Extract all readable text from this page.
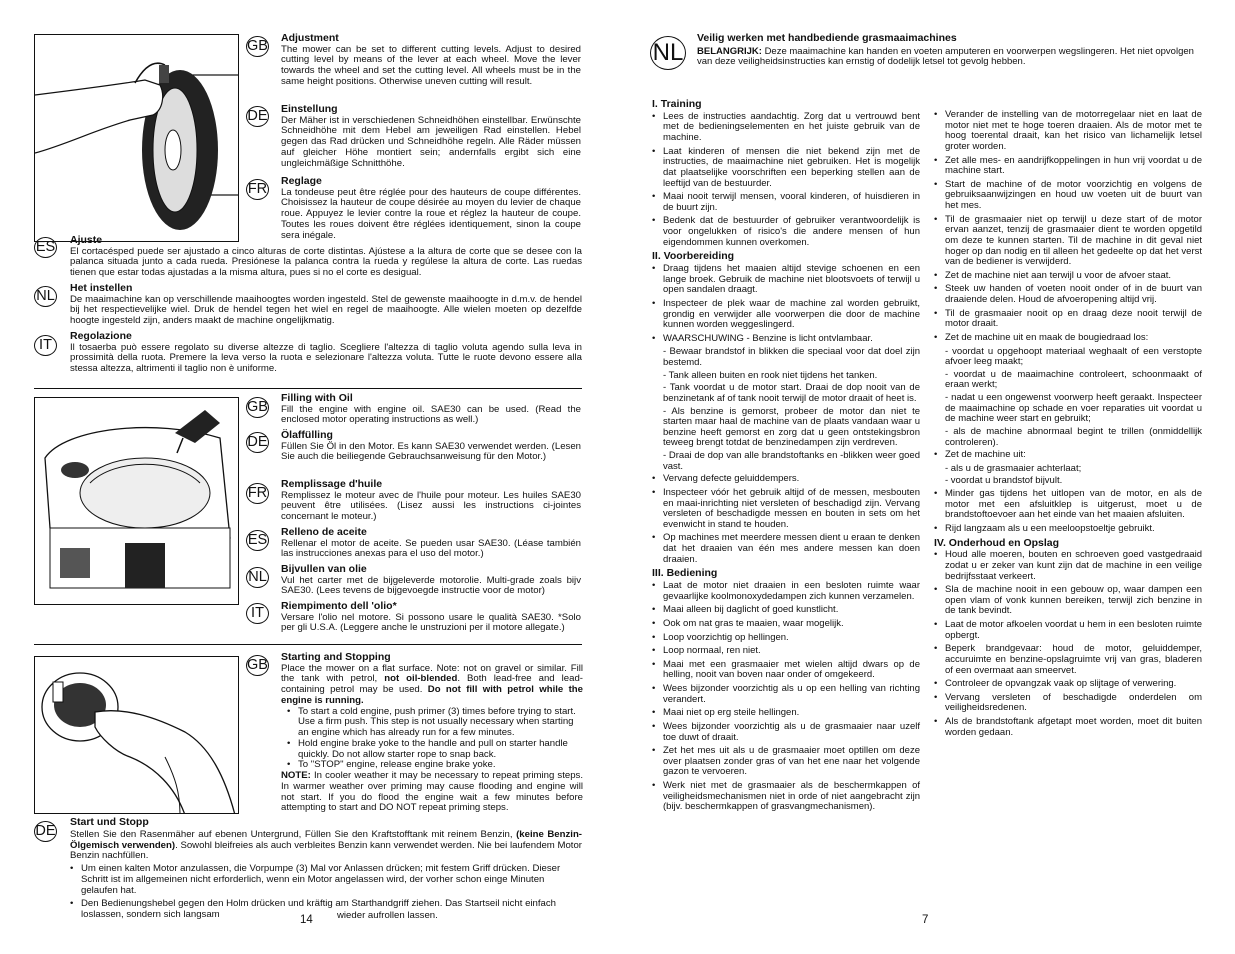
GB
Adjustment
The mower can be set to different cutting levels. Adjust to desired cutting level by means of the lever at each wheel. Move the lever towards the wheel and set the cutting level. All wheels must be in the same height positions. Otherwise uneven cutting will result.
DE Einstellung
Der Mäher ist in verschiedenen Schneidhöhen einstellbar. Erwünschte Schneidhöhe mit dem Hebel am jeweiligen Rad einstellen. Hebel gegen das Rad drücken und Schneidhöhe regeln. Alle Räder müssen auf gleicher Höhe montiert sein; andernfalls ergibt sich eine ungleichmäßige Schnitthöhe.
FR
Reglage
La tondeuse peut être réglée pour des hauteurs de coupe différentes. Choisissez la hauteur de coupe désirée au moyen du levier de chaque roue. Appuyez le levier contre la roue et réglez la hauteur de coupe. Toutes les roues doivent être réglées identiquement, sinon la coupe sera inégale.
ES Ajuste
El cortacésped puede ser ajustado a cinco alturas de corte distintas. Ajústese a la altura de corte que se desee con la palanca situada junto a cada rueda. Presiónese la palanca contra la rueda y regúlese la altura de corte. Las ruedas tienen que estar todas ajustadas a la misma altura, pues si no el corte es desigual.
NL
Het instellen
De maaimachine kan op verschillende maaihoogtes worden ingesteld. Stel de gewenste maaihoogte in d.m.v. de hendel bij het respectievelijke wiel. Druk de hendel tegen het wiel en regel de maaihoogte. Alle wielen moeten op dezelfde hoogte ingesteld zijn, anders maakt de machine ongelijkmatig.
IT
Regolazione
Il tosaerba può essere regolato su diverse altezze di taglio. Scegliere l'altezza di taglio voluta agendo sulla leva in prossimità della ruota. Premere la leva verso la ruota e selezionare l'altezza voluta. Tutte le ruote devono essere alla stessa altezza, altrimenti il taglio non è uniforme.
GB
Filling with Oil
Fill the engine with engine oil. SAE30 can be used. (Read the enclosed motor operating instructions as well.)
DE Ölaffülling
Füllen Sie Öl in den Motor. Es kann SAE30 verwendet werden. (Lesen Sie auch die beiliegende Gebrauchsanweisung für den Motor.)
FR
Remplissage d'huile
Remplissez le moteur avec de l'huile pour moteur. Les huiles SAE30 peuvent être utilisées. (Lisez aussi les instructions ci-jointes concernant le moteur.)
ES
Relleno de aceite
Rellenar el motor de aceite. Se pueden usar SAE30. (Léase también las instrucciones anexas para el uso del motor.)
NL
Bijvullen van olie
Vul het carter met de bijgeleverde motorolie. Multi-grade zoals bijv SAE30. (Lees tevens de bijgevoegde instructie voor de motor)
IT	Riempimento dell 'olio*
Versare l'olio nel motore. Si possono usare le qualità SAE30. *Solo per gli U.S.A. (Leggere anche le unstruzioni per il motore allegate.)
GB
Starting and Stopping
Place the mower on a flat surface. Note: not on gravel or similar. Fill the tank with petrol, not oil-blended. Both lead-free and lead-containing petrol may be used. Do not fill with petrol while the engine is running.
• To start a cold engine, push primer (3) times before trying to start. Use a firm push. This step is not usually necessary when starting an engine which has already run for a few minutes.
• Hold engine brake yoke to the handle and pull on starter handle quickly. Do not allow starter rope to snap back.
• To "STOP" engine, release engine brake yoke.
NOTE: In cooler weather it may be necessary to repeat priming steps. In warmer weather over priming may cause flooding and engine will not start. If you do flood the engine wait a few minutes before attempting to start and DO NOT repeat priming steps.
DE
Start und Stopp
Stellen Sie den Rasenmäher auf ebenen Untergrund, Füllen Sie den Kraftstofftank mit reinem Benzin, (keine Benzin-Ölgemisch verwenden). Sowohl bleifreies als auch verbleites Benzin kann verwendet werden. Nie bei laufendem Motor Benzin nachfüllen.
• Um einen kalten Motor anzulassen, die Vorpumpe (3) Mal vor Anlassen drücken; mit festem Griff drücken. Dieser Schritt ist im allgemeinen nicht erforderlich, wenn ein Motor angelassen wird, der vorher schon einge Minuten gelaufen hat.
• Den Bedienungshebel gegen den Holm drücken und kräftig am Starthandgriff ziehen. Das Startseil nicht einfach loslassen, sondern sich langsam	wieder aufrollen lassen.
14
NL
Veilig werken met handbediende grasmaaimachines
BELANGRIJK: Deze maaimachine kan handen en voeten amputeren en voorwerpen wegslingeren. Het niet opvolgen van deze veiligheidsinstructies kan ernstig of dodelijk letsel tot gevolg hebben.
I. Training
• Lees de instructies aandachtig. Zorg dat u vertrouwd bent met de bedieningselementen en het juiste gebruik van de machine.
• Laat kinderen of mensen die niet bekend zijn met de instructies, de maaimachine niet gebruiken. Het is mogelijk dat plaatselijke voorschriften een beperking stellen aan de leeftijd van de bestuurder.
• Maai nooit terwijl mensen, vooral kinderen, of huisdieren in de buurt zijn.
• Bedenk dat de bestuurder of gebruiker verantwoordelijk is voor ongelukken of risico's die andere mensen of hun eigendommen kunnen overkomen.
II. Voorbereiding
• Draag tijdens het maaien altijd stevige schoenen en een lange broek. Gebruik de machine niet blootsvoets of terwijl u open sandalen draagt.
• Inspecteer de plek waar de machine zal worden gebruikt, grondig en verwijder alle voorwerpen die door de machine kunnen worden weggeslingerd.
• WAARSCHUWING - Benzine is licht ontvlambaar.
- Bewaar brandstof in blikken die speciaal voor dat doel zijn bestemd.
- Tank alleen buiten en rook niet tijdens het tanken.
- Tank voordat u de motor start. Draai de dop nooit van de benzinetank af of tank nooit terwijl de motor draait of heet is.
- Als benzine is gemorst, probeer de motor dan niet te starten maar haal de machine van de plaats vandaan waar u benzine heeft gemorst en zorg dat u geen ontstekingsbron teweeg brengt totdat de benzinedampen zijn verdreven.
- Draai de dop van alle brandstoftanks en -blikken weer goed vast.
• Vervang defecte geluiddempers.
• Inspecteer vóór het gebruik altijd of de messen, mesbouten en maai-inrichting niet versleten of beschadigd zijn. Vervang versleten of beschadigde messen en bouten in sets om het evenwicht in stand te houden.
• Op machines met meerdere messen dient u eraan te denken dat het draaien van één mes andere messen kan doen draaien.
III. Bediening
• Laat de motor niet draaien in een besloten ruimte waar gevaarlijke koolmonoxydedampen zich kunnen verzamelen.
• Maai alleen bij daglicht of goed kunstlicht.
• Ook om nat gras te maaien, waar mogelijk.
• Loop voorzichtig op hellingen.
• Loop normaal, ren niet.
• Maai met een grasmaaier met wielen altijd dwars op de helling, nooit van boven naar onder of omgekeerd.
• Wees bijzonder voorzichtig als u op een helling van richting verandert.
• Maai niet op erg steile hellingen.
• Wees bijzonder voorzichtig als u de grasmaaier naar uzelf toe duwt of draait.
• Zet het mes uit als u de grasmaaier moet optillen om deze over plaatsen zonder gras of van het ene naar het volgende gazon te vervoeren.
• Werk niet met de grasmaaier als de beschermkappen of veiligheidsmechanismen niet in orde of niet aangebracht zijn (bijv. beschermkappen of grasvangmechanismen).
• Verander de instelling van de motorregelaar niet en laat de motor niet met te hoge toeren draaien. Als de motor met te hoog toerental draait, kan het risico van lichamelijk letsel groter worden.
• Zet alle mes- en aandrijfkoppelingen in hun vrij voordat u de machine start.
• Start de machine of de motor voorzichtig en volgens de gebruiksaanwijzingen en houd uw voeten uit de buurt van het mes.
• Til de grasmaaier niet op terwijl u deze start of de motor ervan aanzet, tenzij de grasmaaier dient te worden opgetild om deze te kunnen starten. Til de machine in dit geval niet hoger op dan nodig en til alleen het gedeelte op dat het verst van de bediener is verwijderd.
• Zet de machine niet aan terwijl u voor de afvoer staat.
• Steek uw handen of voeten nooit onder of in de buurt van draaiende delen. Houd de afvoeropening altijd vrij.
• Til de grasmaaier nooit op en draag deze nooit terwijl de motor draait.
• Zet de machine uit en maak de bougiedraad los:
- voordat u opgehoopt materiaal weghaalt of een verstopte afvoer leeg maakt;
- voordat u de maaimachine controleert, schoonmaakt of eraan werkt;
- nadat u een ongewenst voorwerp heeft geraakt. Inspecteer de maaimachine op schade en voer reparaties uit voordat u de machine weer start en gebruikt;
- als de machine abnormaal begint te trillen (onmiddellijk controleren).
• Zet de machine uit:
- als u de grasmaaier achterlaat;
- voordat u brandstof bijvult.
• Minder gas tijdens het uitlopen van de motor, en als de motor met een afsluitklep is uitgerust, moet u de brandstoftoevoer aan het einde van het maaien afsluiten.
• Rijd langzaam als u een meeloopstoeltje gebruikt.
IV. Onderhoud en Opslag
• Houd alle moeren, bouten en schroeven goed vastgedraaid zodat u er zeker van kunt zijn dat de machine in een veilige bedrijfsstaat verkeert.
• Sla de machine nooit in een gebouw op, waar dampen een open vlam of vonk kunnen bereiken, terwijl zich benzine in de tank bevindt.
• Laat de motor afkoelen voordat u hem in een besloten ruimte opbergt.
• Beperk brandgevaar: houd de motor, geluiddemper, accuruimte en benzine-opslagruimte vrij van gras, bladeren of een overmaat aan smeervet.
• Controleer de opvangzak vaak op slijtage of verwering.
• Vervang versleten of beschadigde onderdelen om veiligheidsredenen.
• Als de brandstoftank afgetapt moet worden, moet dit buiten worden gedaan.
7
